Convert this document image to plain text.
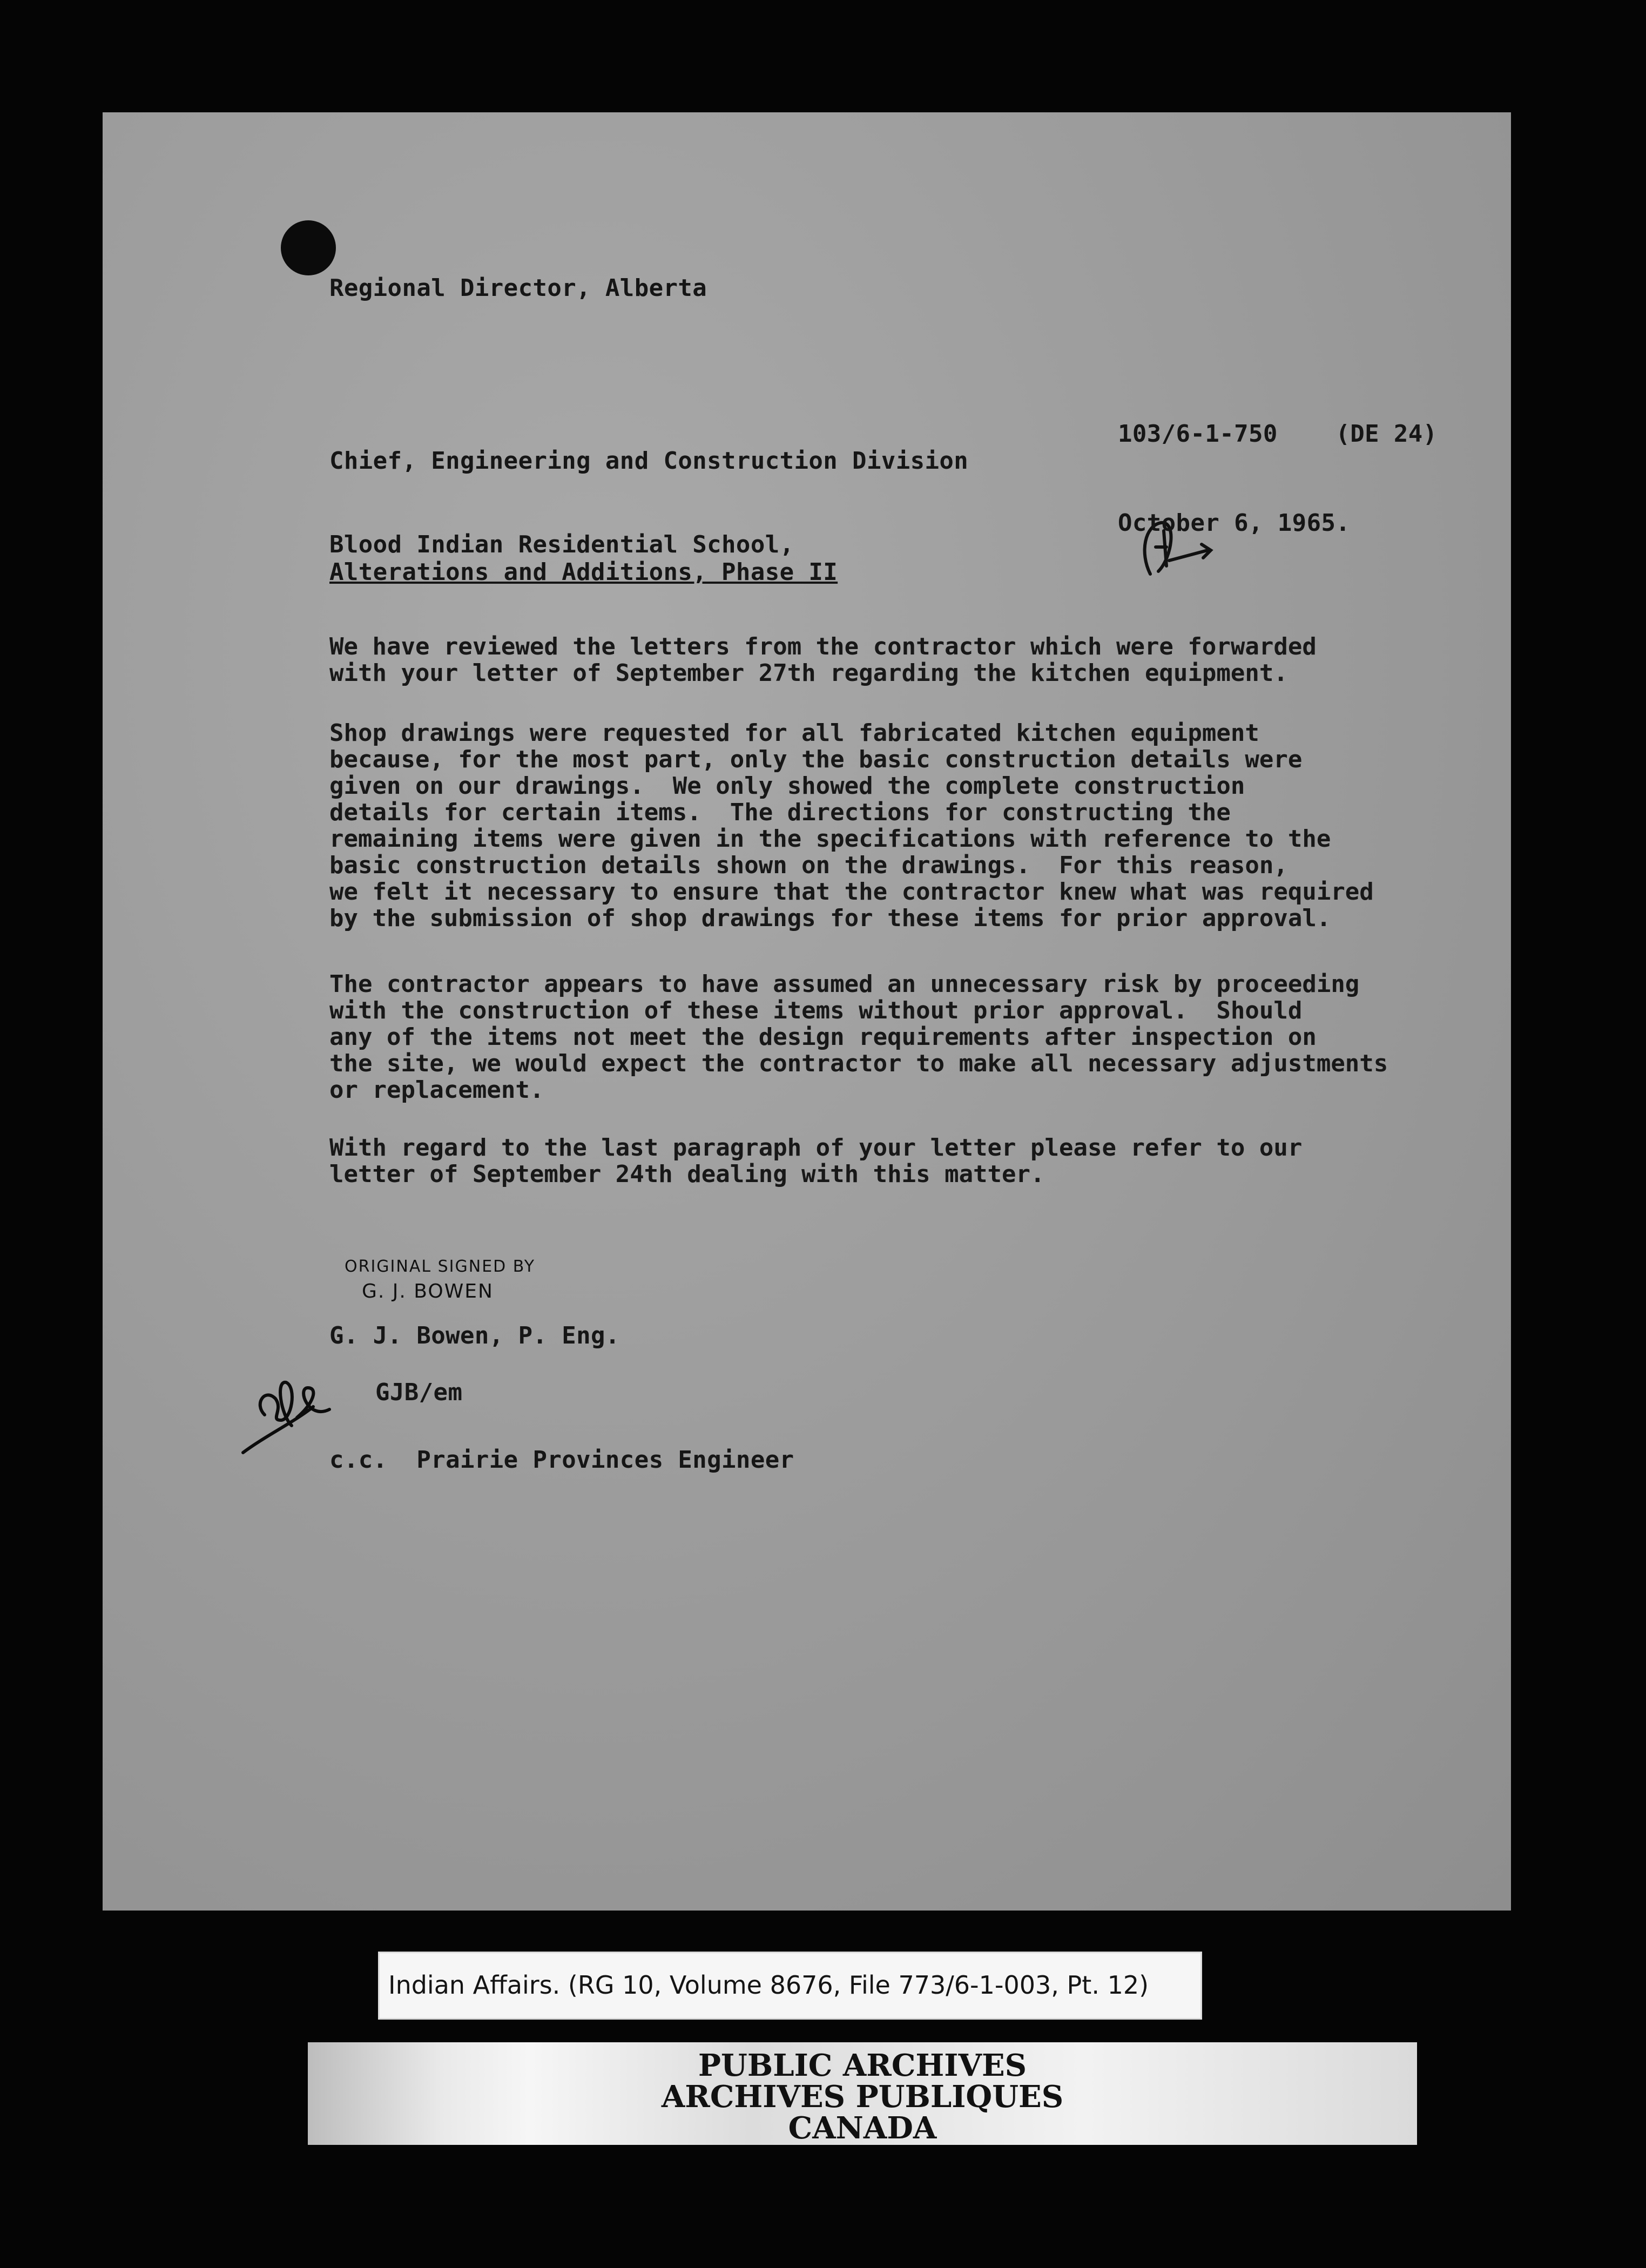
Regional Director, Alberta
Chief, Engineering and Construction Division
103/6-1-750    (DE 24)
October 6, 1965.
Blood Indian Residential School,
Alterations and Additions, Phase II
We have reviewed the letters from the contractor which were forwarded
with your letter of September 27th regarding the kitchen equipment.
Shop drawings were requested for all fabricated kitchen equipment
because, for the most part, only the basic construction details were
given on our drawings.  We only showed the complete construction
details for certain items.  The directions for constructing the
remaining items were given in the specifications with reference to the
basic construction details shown on the drawings.  For this reason,
we felt it necessary to ensure that the contractor knew what was required
by the submission of shop drawings for these items for prior approval.
The contractor appears to have assumed an unnecessary risk by proceeding
with the construction of these items without prior approval.  Should
any of the items not meet the design requirements after inspection on
the site, we would expect the contractor to make all necessary adjustments
or replacement.
With regard to the last paragraph of your letter please refer to our
letter of September 24th dealing with this matter.
ORIGINAL SIGNED BY
G. J. BOWEN
G. J. Bowen, P. Eng.
GJB/em
c.c.  Prairie Provinces Engineer
Indian Affairs. (RG 10, Volume 8676, File 773/6-1-003, Pt. 12)
PUBLIC ARCHIVES
ARCHIVES PUBLIQUES
CANADA
